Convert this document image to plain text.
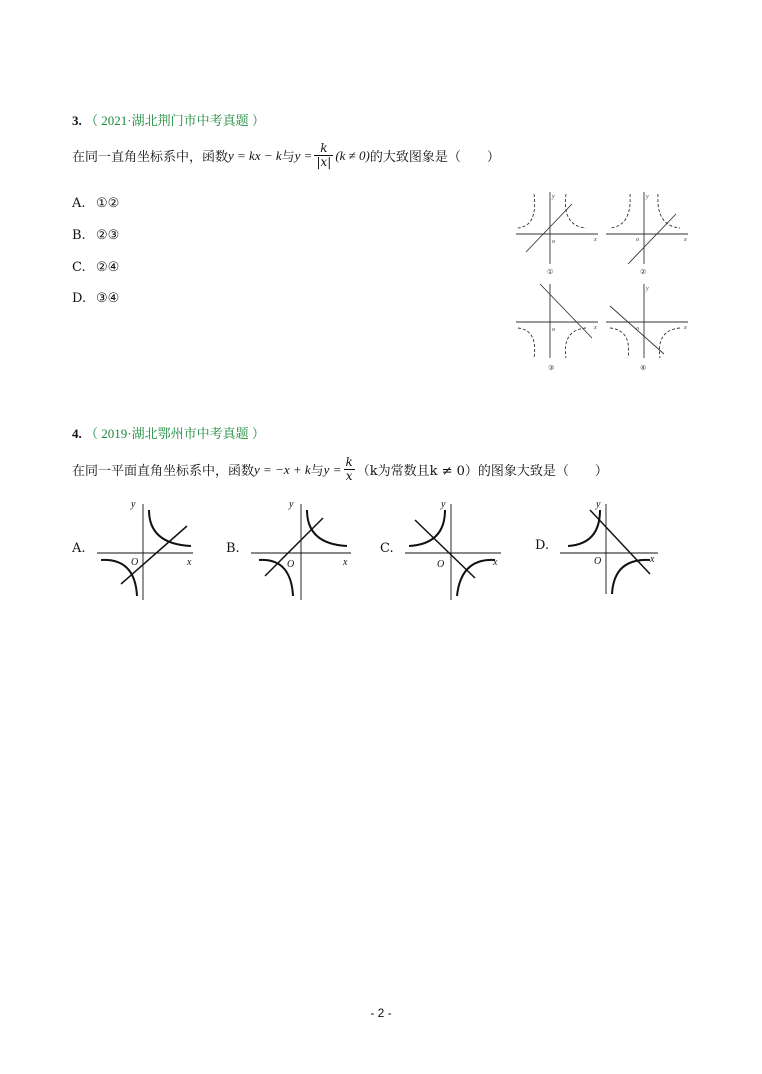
3. （ 2021·湖北荆门市中考真题 ）
在同一直角坐标系中，函数 y = kx − k 与 $y = \frac{k}{|x|} (k \ne 0)$ 的大致图象是（　　）
A. ①②
B. ②③
C. ②④
D. ③④
o
y
x
①
o
y
x
②
o	x
③
o
y
x
④
4. （ 2019·湖北鄂州市中考真题 ）
在同一平面直角坐标系中，函数 y = −x + k 与 $y = \frac{k}{x} (k$为常数且k ≠ 0）的图象大致是（　　）
A.
y
x
O
B.
y
x
O
C.
y
x
O
D.
y
x
O
- 2 -
